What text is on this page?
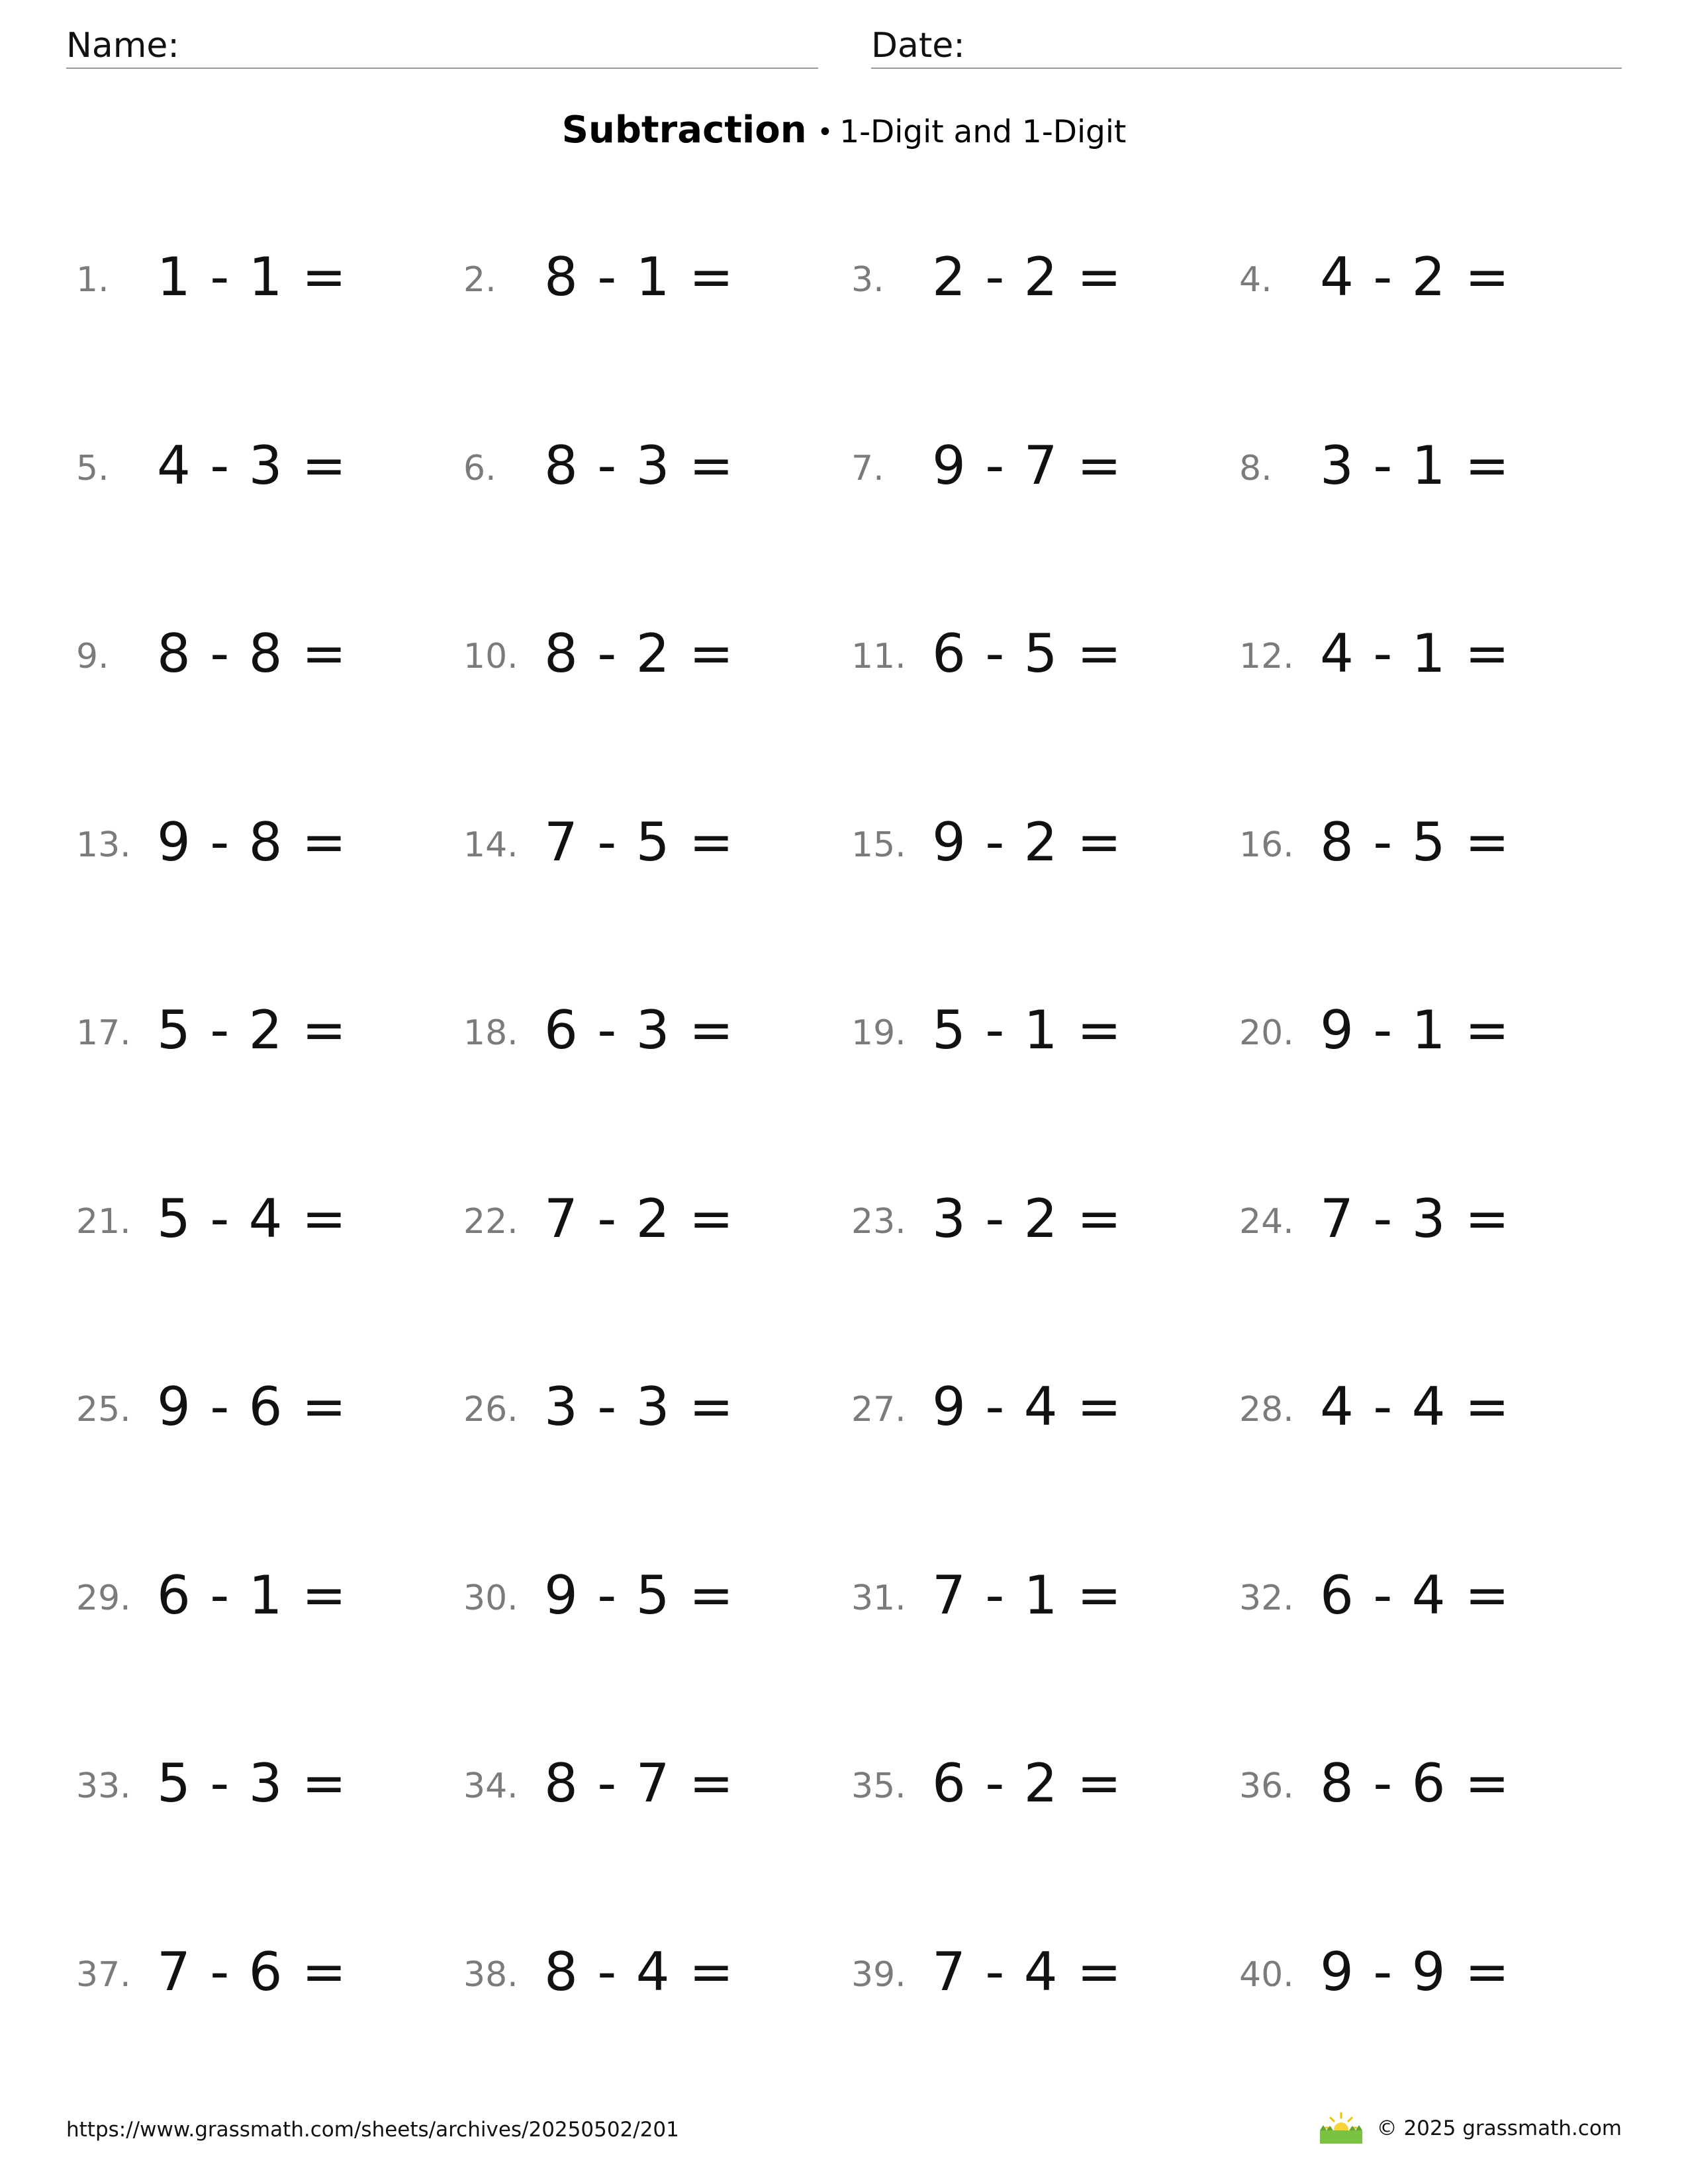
Name:	Date:
Subtraction • 1-Digit and 1-Digit
1. 1 - 1 =	2. 8 - 1 =	3. 2 - 2 =	4. 4 - 2 =
5. 4 - 3 =	6. 8 - 3 =	7. 9 - 7 =	8. 3 - 1 =
9. 8 - 8 =	10. 8 - 2 =	11. 6 - 5 =	12. 4 - 1 =
13. 9 - 8 =	14. 7 - 5 =	15. 9 - 2 =	16. 8 - 5 =
17. 5 - 2 =	18. 6 - 3 =	19. 5 - 1 =	20. 9 - 1 =
21. 5 - 4 =	22. 7 - 2 =	23. 3 - 2 =	24. 7 - 3 =
25. 9 - 6 =	26. 3 - 3 =	27. 9 - 4 =	28. 4 - 4 =
29. 6 - 1 =	30. 9 - 5 =	31. 7 - 1 =	32. 6 - 4 =
33. 5 - 3 =	34. 8 - 7 =	35. 6 - 2 =	36. 8 - 6 =
37. 7 - 6 =	38. 8 - 4 =	39. 7 - 4 =	40. 9 - 9 =
https://www.grassmath.com/sheets/archives/20250502/201	© 2025 grassmath.com
